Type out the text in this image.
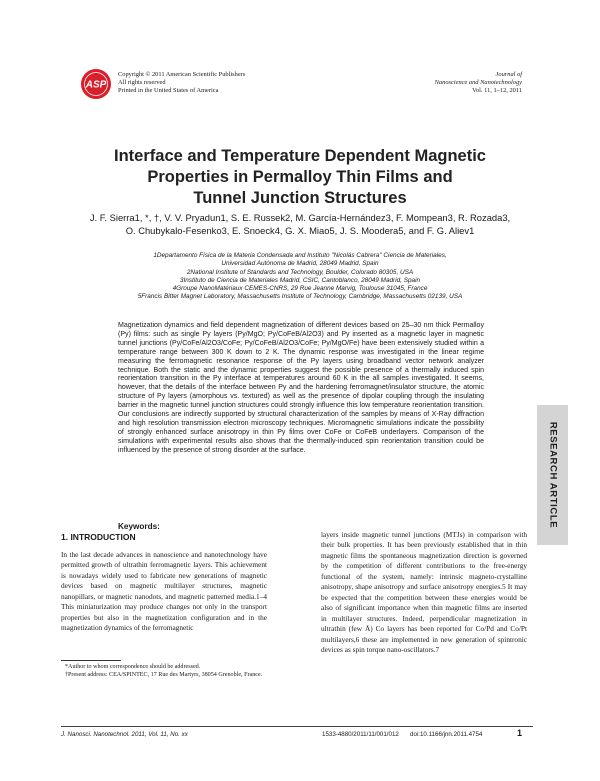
ASP
Copyright © 2011 American Scientific Publishers
All rights reserved
Printed in the United States of America
Journal of
Nanoscience and Nanotechnology
Vol. 11, 1–12, 2011
Interface and Temperature Dependent Magnetic
Properties in Permalloy Thin Films and
Tunnel Junction Structures
J. F. Sierra1, *, †, V. V. Pryadun1, S. E. Russek2, M. García-Hernández3, F. Mompean3, R. Rozada3,
O. Chubykalo-Fesenko3, E. Snoeck4, G. X. Miao5, J. S. Moodera5, and F. G. Aliev1
1Departamento Física de la Materia Condensada and Instituto "Nicolás Cabrera" Ciencia de Materiales,
Universidad Autónoma de Madrid, 28049 Madrid, Spain
2National Institute of Standards and Technology, Boulder, Colorado 80305, USA
3Instituto de Ciencia de Materiales Madrid, CSIC, Cantoblanco, 28049 Madrid, Spain
4Groupe NanoMatériaux CEMES-CNRS, 29 Rue Jeanne Marvig, Toulouse 31045, France
5Francis Bitter Magnet Laboratory, Massachusetts Institute of Technology, Cambridge, Massachusetts 02139, USA
Magnetization dynamics and field dependent magnetization of different devices based on 25–30 nm thick Permalloy (Py) films: such as single Py layers (Py/MgO; Py/CoFeB/Al2O3) and Py inserted as a magnetic layer in magnetic tunnel junctions (Py/CoFe/Al2O3/CoFe; Py/CoFeB/Al2O3/CoFe; Py/MgO/Fe) have been extensively studied within a temperature range between 300 K down to 2 K. The dynamic response was investigated in the linear regime measuring the ferromagnetic resonance response of the Py layers using broadband vector network analyzer technique. Both the static and the dynamic properties suggest the possible presence of a thermally induced spin reorientation transition in the Py interface at temperatures around 60 K in the all samples investigated. It seems, however, that the details of the interface between Py and the hardening ferromagnet/insulator structure, the atomic structure of Py layers (amorphous vs. textured) as well as the presence of dipolar coupling through the insulating barrier in the magnetic tunnel junction structures could strongly influence this low temperature reorientation transition. Our conclusions are indirectly supported by structural characterization of the samples by means of X-Ray diffraction and high resolution transmission electron microscopy techniques. Micromagnetic simulations indicate the possibility of strongly enhanced surface anisotropy in thin Py films over CoFe or CoFeB underlayers. Comparison of the simulations with experimental results also shows that the thermally-induced spin reorientation transition could be influenced by the presence of strong disorder at the surface.
Keywords:	RESEARCH ARTICLE
1. INTRODUCTION
In the last decade advances in nanoscience and nanotechnology have permitted growth of ultrathin ferromagnetic layers. This achievement is nowadays widely used to fabricate new generations of magnetic devices based on magnetic multilayer structures, magnetic nanopillars, or magnetic nanodots, and magnetic patterned media.1–4 This miniaturization may produce changes not only in the transport properties but also in the magnetization configuration and in the magnetization dynamics of the ferromagnetic
layers inside magnetic tunnel junctions (MTJs) in comparison with their bulk properties. It has been previously established that in thin magnetic films the spontaneous magnetization direction is governed by the competition of different contributions to the free-energy functional of the system, namely: intrinsic magneto-crystalline anisotropy, shape anisotropy and surface anisotropy energies.5 It may be expected that the competition between these energies would be also of significant importance when thin magnetic films are inserted in multilayer structures. Indeed, perpendicular magnetization in ultrathin (few Å) Co layers has been reported for Co/Pd and Co/Pt multilayers,6 these are implemented in new generation of spintronic devices as spin torque nano-oscillators.7
*Author to whom correspondence should be addressed.
†Present address: CEA/SPINTEC, 17 Rue des Martyrs, 38054 Grenoble, France.
J. Nanosci. Nanotechnol. 2011, Vol. 11, No. xx	1533-4880/2011/11/001/012 doi:10.1166/jnn.2011.4754	1
